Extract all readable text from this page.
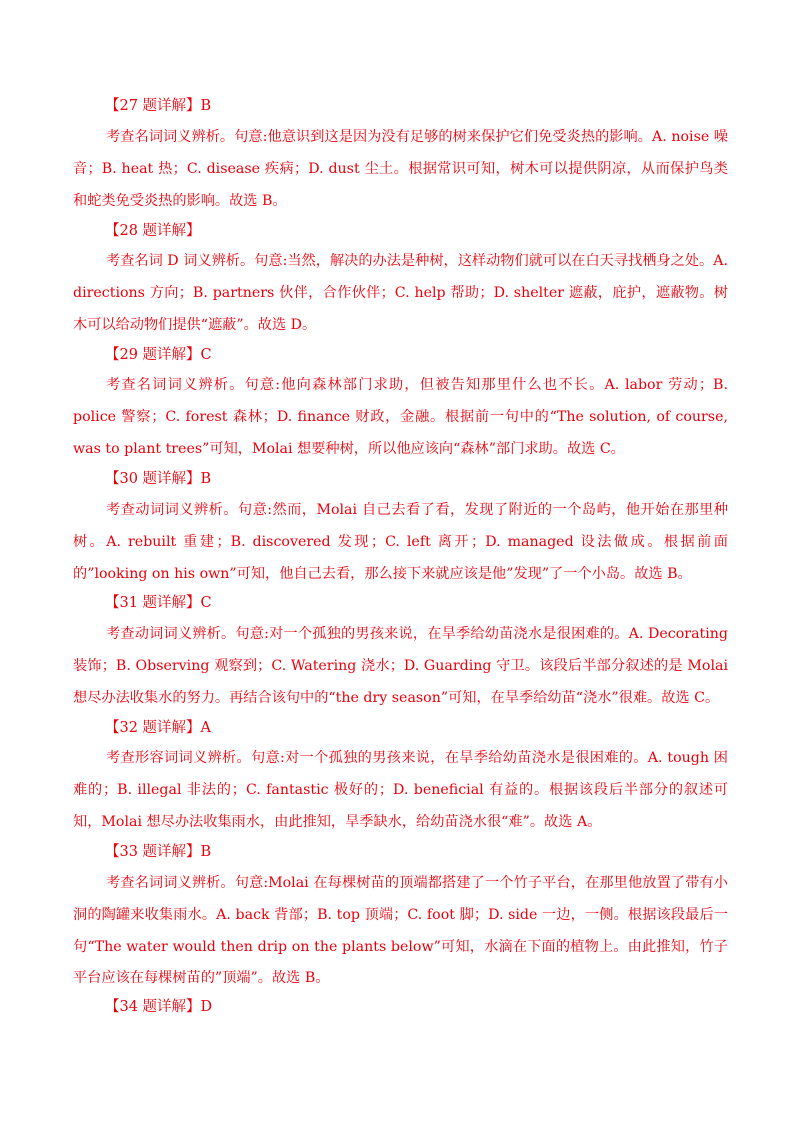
【27 题详解】B
考查名词词义辨析。句意:他意识到这是因为没有足够的树来保护它们免受炎热的影响。A. noise 噪音；B. heat 热；C. disease 疾病；D. dust 尘土。根据常识可知，树木可以提供阴凉，从而保护鸟类和蛇类免受炎热的影响。故选 B。
【28 题详解】
考查名词 D 词义辨析。句意:当然，解决的办法是种树，这样动物们就可以在白天寻找栖身之处。A. directions 方向；B. partners 伙伴，合作伙伴；C. help 帮助；D. shelter 遮蔽，庇护，遮蔽物。树木可以给动物们提供“遮蔽”。故选 D。
【29 题详解】C
考查名词词义辨析。句意:他向森林部门求助，但被告知那里什么也不长。A. labor 劳动；B. police 警察；C. forest 森林；D. finance 财政，金融。根据前一句中的“The solution, of course, was to plant trees”可知，Molai 想要种树，所以他应该向“森林”部门求助。故选 C。
【30 题详解】B
考查动词词义辨析。句意:然而，Molai 自己去看了看，发现了附近的一个岛屿，他开始在那里种树。A. rebuilt 重建；B. discovered 发现；C. left 离开；D. managed 设法做成。根据前面的”looking on his own”可知，他自己去看，那么接下来就应该是他”发现”了一个小岛。故选 B。
【31 题详解】C
考查动词词义辨析。句意:对一个孤独的男孩来说，在旱季给幼苗浇水是很困难的。A. Decorating 装饰；B. Observing 观察到；C. Watering 浇水；D. Guarding 守卫。该段后半部分叙述的是 Molai 想尽办法收集水的努力。再结合该句中的“the dry season”可知，在旱季给幼苗“浇水”很难。故选 C。
【32 题详解】A
考查形容词词义辨析。句意:对一个孤独的男孩来说，在旱季给幼苗浇水是很困难的。A. tough 困难的；B. illegal 非法的；C. fantastic 极好的；D. beneficial 有益的。根据该段后半部分的叙述可知，Molai 想尽办法收集雨水，由此推知，旱季缺水，给幼苗浇水很“难”。故选 A。
【33 题详解】B
考查名词词义辨析。句意:Molai 在每棵树苗的顶端都搭建了一个竹子平台，在那里他放置了带有小洞的陶罐来收集雨水。A. back 背部；B. top 顶端；C. foot 脚；D. side 一边，一侧。根据该段最后一句“The water would then drip on the plants below”可知，水滴在下面的植物上。由此推知，竹子平台应该在每棵树苗的”顶端”。故选 B。
【34 题详解】D
